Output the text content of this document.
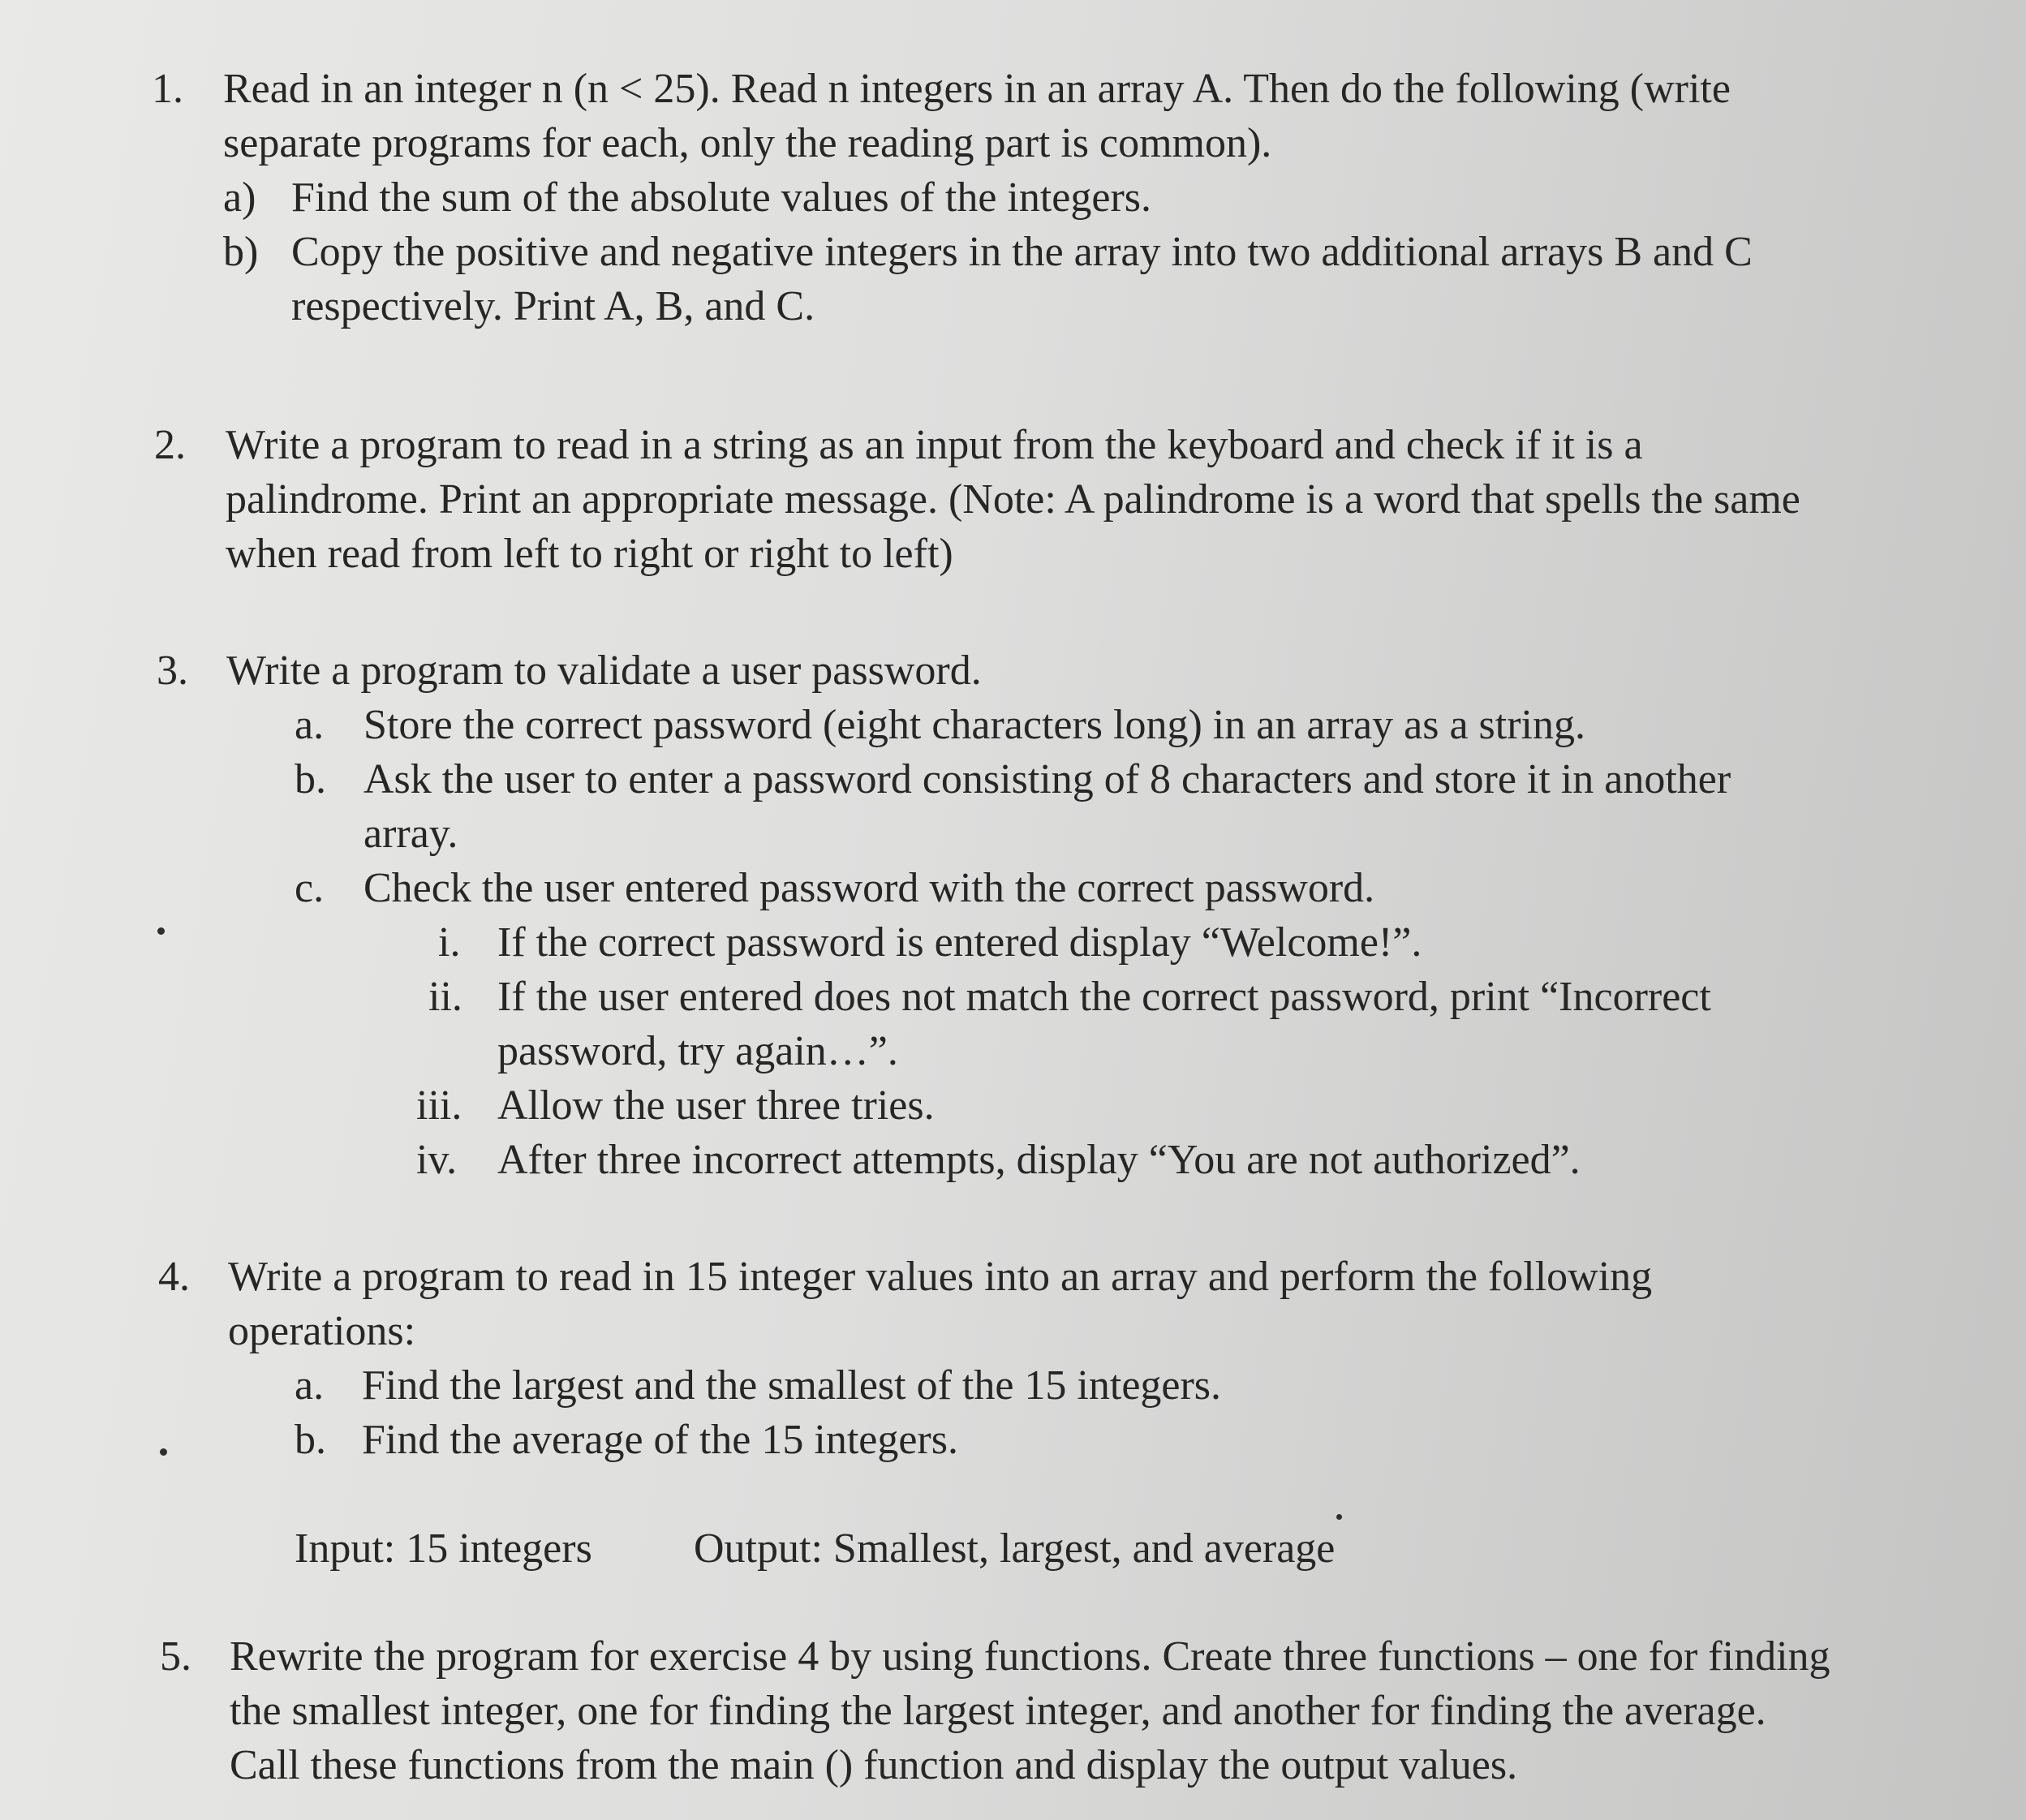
1. Read in an integer n (n < 25). Read n integers in an array A. Then do the following (write
separate programs for each, only the reading part is common).
a) Find the sum of the absolute values of the integers.
b) Copy the positive and negative integers in the array into two additional arrays B and C
respectively. Print A, B, and C.
2. Write a program to read in a string as an input from the keyboard and check if it is a
palindrome. Print an appropriate message. (Note: A palindrome is a word that spells the same
when read from left to right or right to left)
3. Write a program to validate a user password.
a. Store the correct password (eight characters long) in an array as a string.
b. Ask the user to enter a password consisting of 8 characters and store it in another
array.
c. Check the user entered password with the correct password.
i. If the correct password is entered display “Welcome!”.
ii. If the user entered does not match the correct password, print “Incorrect
password, try again…”.
iii. Allow the user three tries.
iv. After three incorrect attempts, display “You are not authorized”.
4. Write a program to read in 15 integer values into an array and perform the following
operations:
a. Find the largest and the smallest of the 15 integers.
b. Find the average of the 15 integers.
Input: 15 integers Output: Smallest, largest, and average
5. Rewrite the program for exercise 4 by using functions. Create three functions – one for finding
the smallest integer, one for finding the largest integer, and another for finding the average.
Call these functions from the main () function and display the output values.
